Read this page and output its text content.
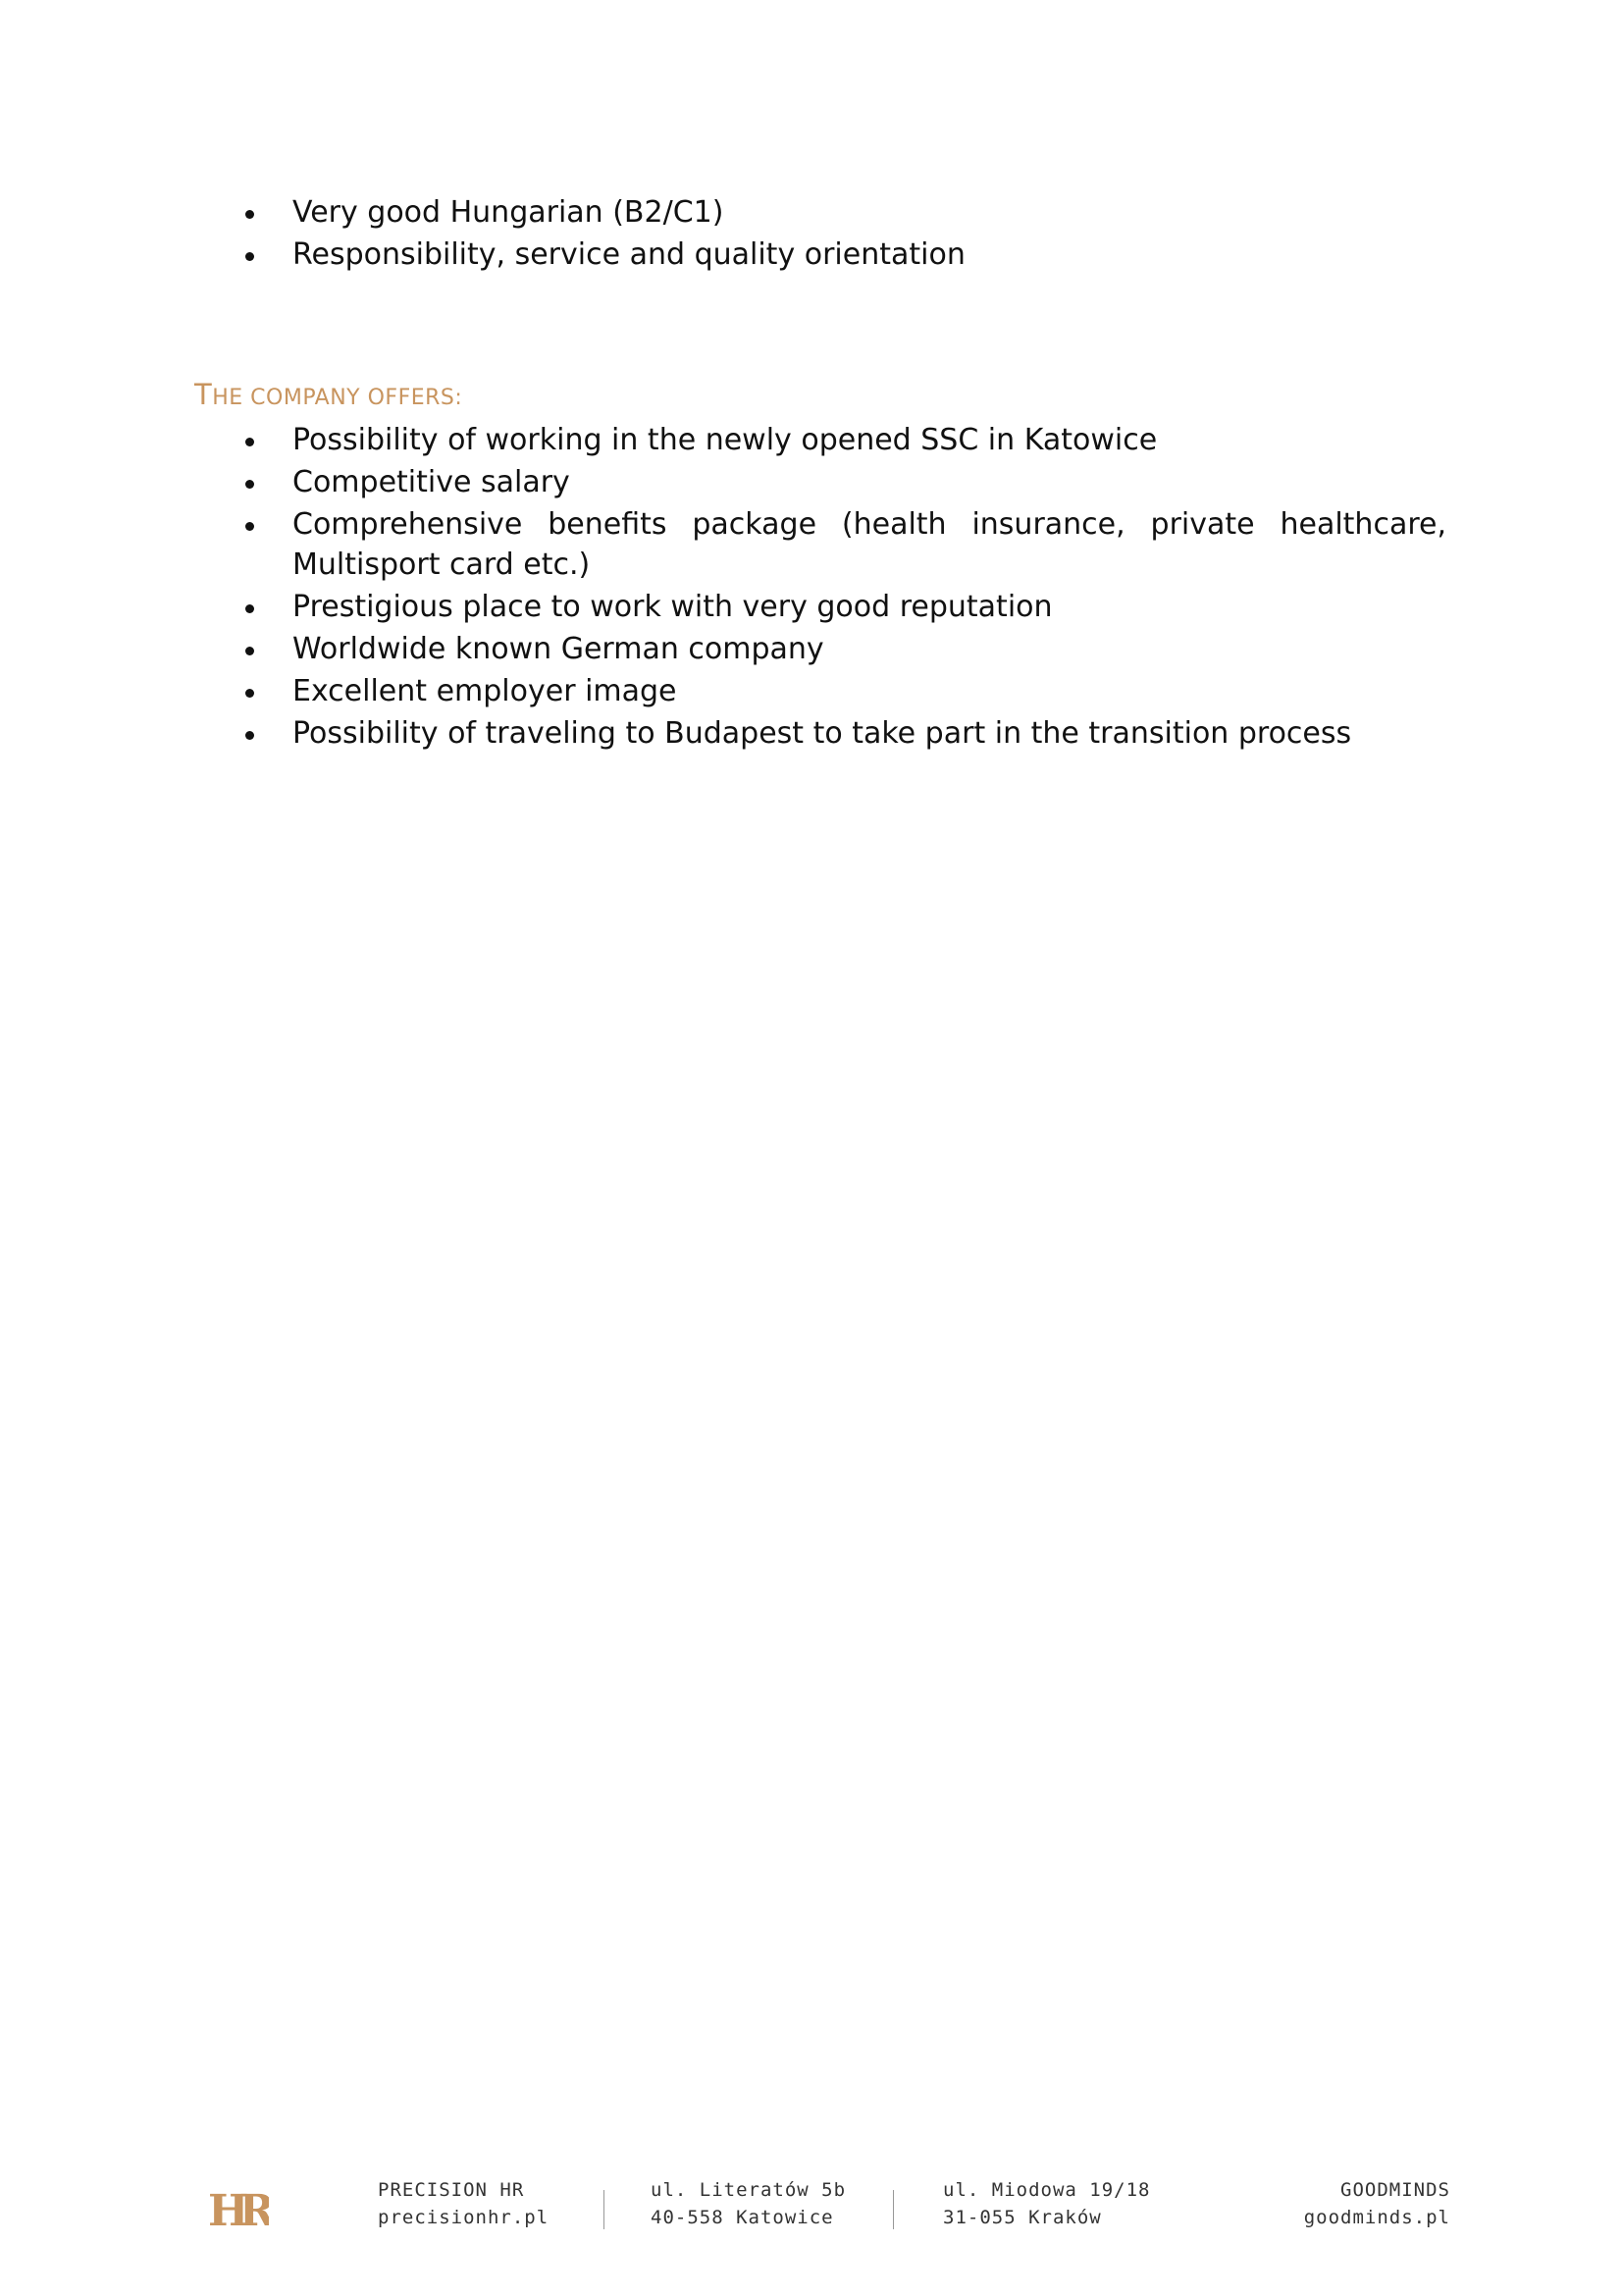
Very good Hungarian (B2/C1)
Responsibility, service and quality orientation
THE COMPANY OFFERS:
Possibility of working in the newly opened SSC in Katowice
Competitive salary
Comprehensive benefits package (health insurance, private healthcare, Multisport card etc.)
Prestigious place to work with very good reputation
Worldwide known German company
Excellent employer image
Possibility of traveling to Budapest to take part in the transition process
HR	PRECISION HR
precisionhr.pl
ul. Literatów 5b
40-558 Katowice
ul. Miodowa 19/18
31-055 Kraków
GOODMINDS
goodminds.pl
